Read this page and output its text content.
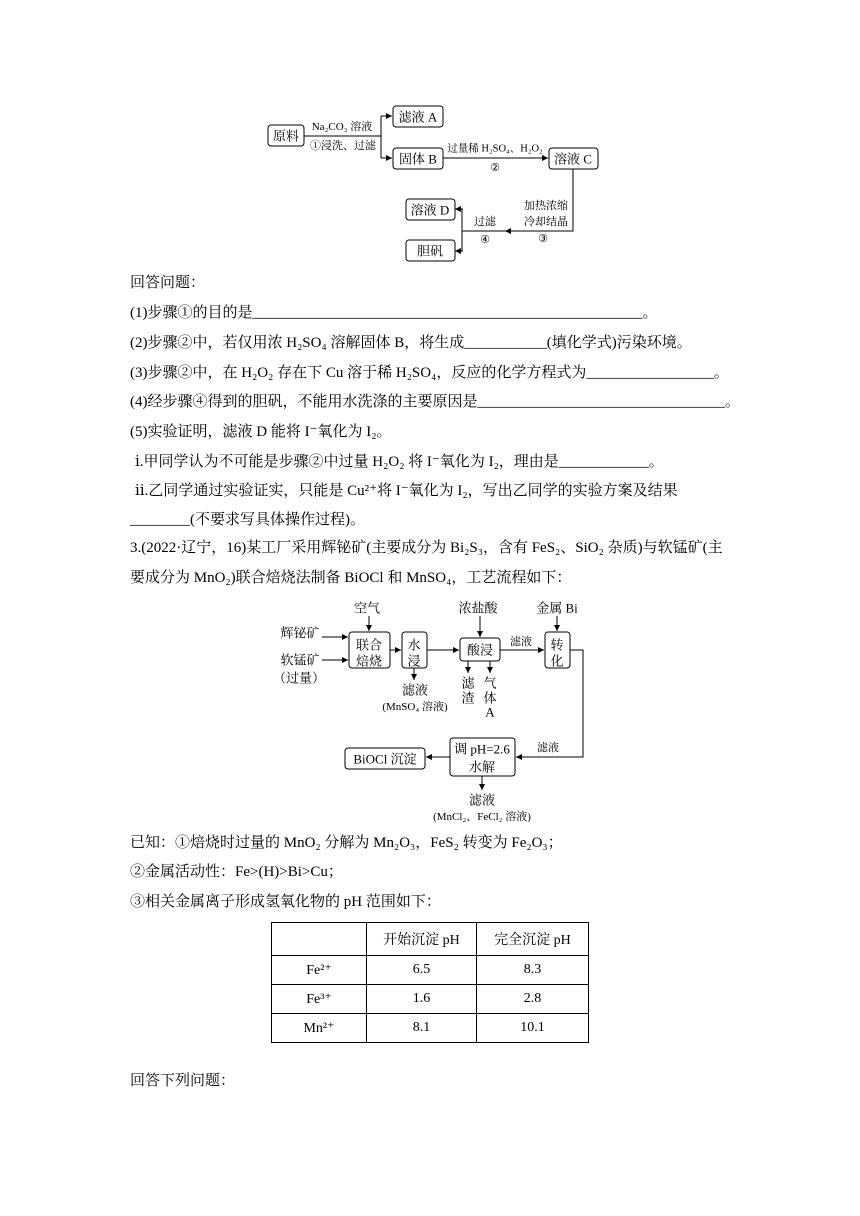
原料
Na₂CO₃ 溶液
①浸洗、过滤
滤液 A
固体 B
过量稀 H₂SO₄、H₂O₂
②
溶液 C
加热浓缩
冷却结晶
③
过滤
④
溶液 D
胆矾
回答问题：
(1)步骤①的目的是____________________________________________________。
(2)步骤②中，若仅用浓 H₂SO₄ 溶解固体 B，将生成___________(填化学式)污染环境。
(3)步骤②中，在 H₂O₂ 存在下 Cu 溶于稀 H₂SO₄，反应的化学方程式为_________________。
(4)经步骤④得到的胆矾，不能用水洗涤的主要原因是_________________________________。
(5)实验证明，滤液 D 能将 I⁻氧化为 I₂。
ⅰ.甲同学认为不可能是步骤②中过量 H₂O₂ 将 I⁻氧化为 I₂，理由是____________。
ⅱ.乙同学通过实验证实，只能是 Cu²⁺将 I⁻氧化为 I₂，写出乙同学的实验方案及结果
________(不要求写具体操作过程)。
3.(2022·辽宁，16)某工厂采用辉铋矿(主要成分为 Bi₂S₃，含有 FeS₂、SiO₂ 杂质)与软锰矿(主
要成分为 MnO₂)联合焙烧法制备 BiOCl 和 MnSO₄，工艺流程如下：
空气
辉铋矿
软锰矿
（过量）
联合
焙烧
水
浸
滤液
(MnSO₄ 溶液)
浓盐酸
酸浸
滤
渣
气
体
A
滤液
金属 Bi
转
化
滤液
调 pH=2.6
水解
BiOCl 沉淀
滤液
(MnCl₂、FeCl₂ 溶液)
已知：①焙烧时过量的 MnO₂ 分解为 Mn₂O₃，FeS₂ 转变为 Fe₂O₃；
②金属活动性：Fe>(H)>Bi>Cu；
③相关金属离子形成氢氧化物的 pH 范围如下：
	开始沉淀 pH	完全沉淀 pH
Fe²⁺	6.5	8.3
Fe³⁺	1.6	2.8
Mn²⁺	8.1	10.1
回答下列问题：
